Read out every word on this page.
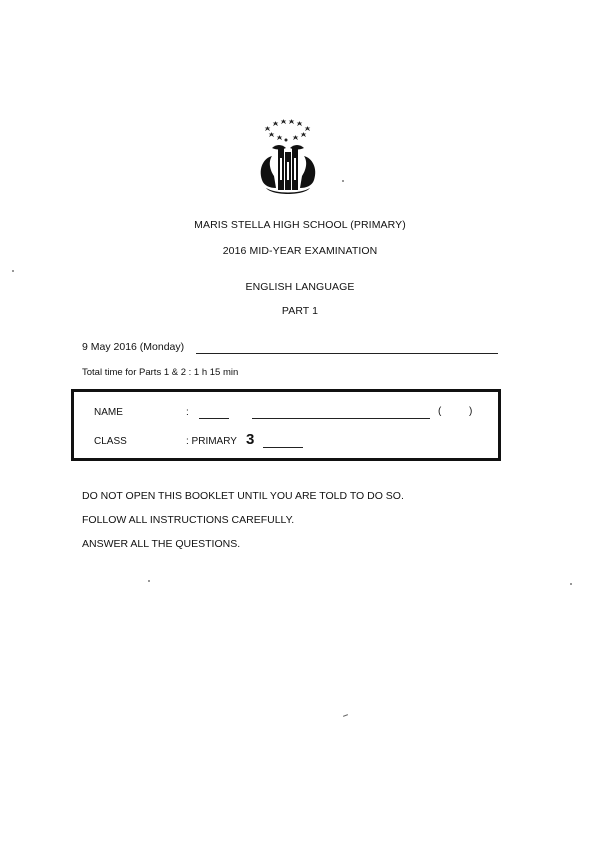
MARIS STELLA HIGH SCHOOL (PRIMARY)
2016 MID-YEAR EXAMINATION
ENGLISH LANGUAGE
PART 1
9 May 2016 (Monday)
Total time for Parts 1 & 2 : 1 h 15 min
NAME	:	(	)
CLASS	: PRIMARY 3
DO NOT OPEN THIS BOOKLET UNTIL YOU ARE TOLD TO DO SO.
FOLLOW ALL INSTRUCTIONS CAREFULLY.
ANSWER ALL THE QUESTIONS.
